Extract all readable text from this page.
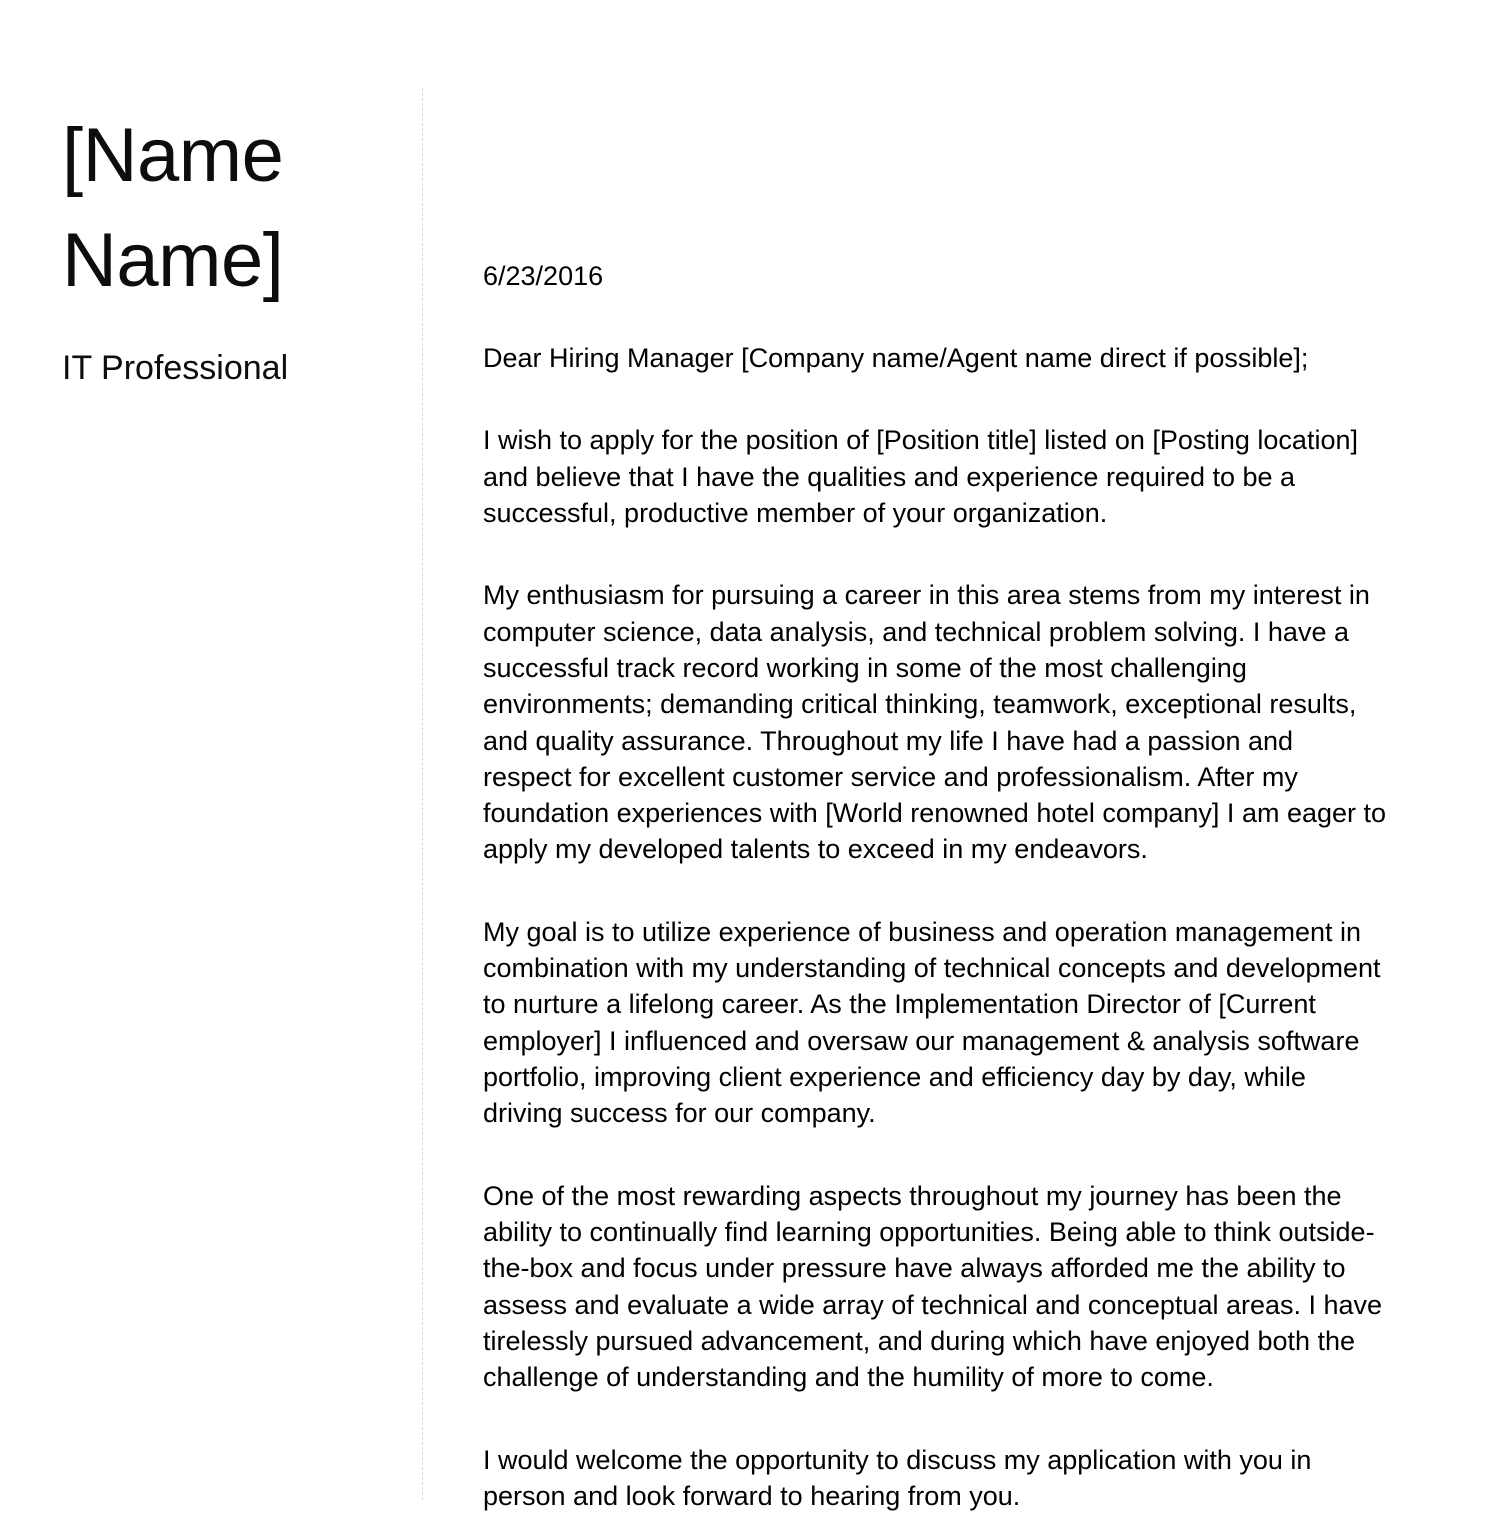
[Name Name]
IT Professional

6/23/2016

Dear Hiring Manager [Company name/Agent name direct if possible];

I wish to apply for the position of [Position title] listed on [Posting location] and believe that I have the qualities and experience required to be a successful, productive member of your organization.

My enthusiasm for pursuing a career in this area stems from my interest in computer science, data analysis, and technical problem solving. I have a successful track record working in some of the most challenging environments; demanding critical thinking, teamwork, exceptional results, and quality assurance. Throughout my life I have had a passion and respect for excellent customer service and professionalism. After my foundation experiences with [World renowned hotel company] I am eager to apply my developed talents to exceed in my endeavors.

My goal is to utilize experience of business and operation management in combination with my understanding of technical concepts and development to nurture a lifelong career. As the Implementation Director of [Current employer] I influenced and oversaw our management & analysis software portfolio, improving client experience and efficiency day by day, while driving success for our company.

One of the most rewarding aspects throughout my journey has been the ability to continually find learning opportunities. Being able to think outside-the-box and focus under pressure have always afforded me the ability to assess and evaluate a wide array of technical and conceptual areas. I have tirelessly pursued advancement, and during which have enjoyed both the challenge of understanding and the humility of more to come.

I would welcome the opportunity to discuss my application with you in person and look forward to hearing from you.
